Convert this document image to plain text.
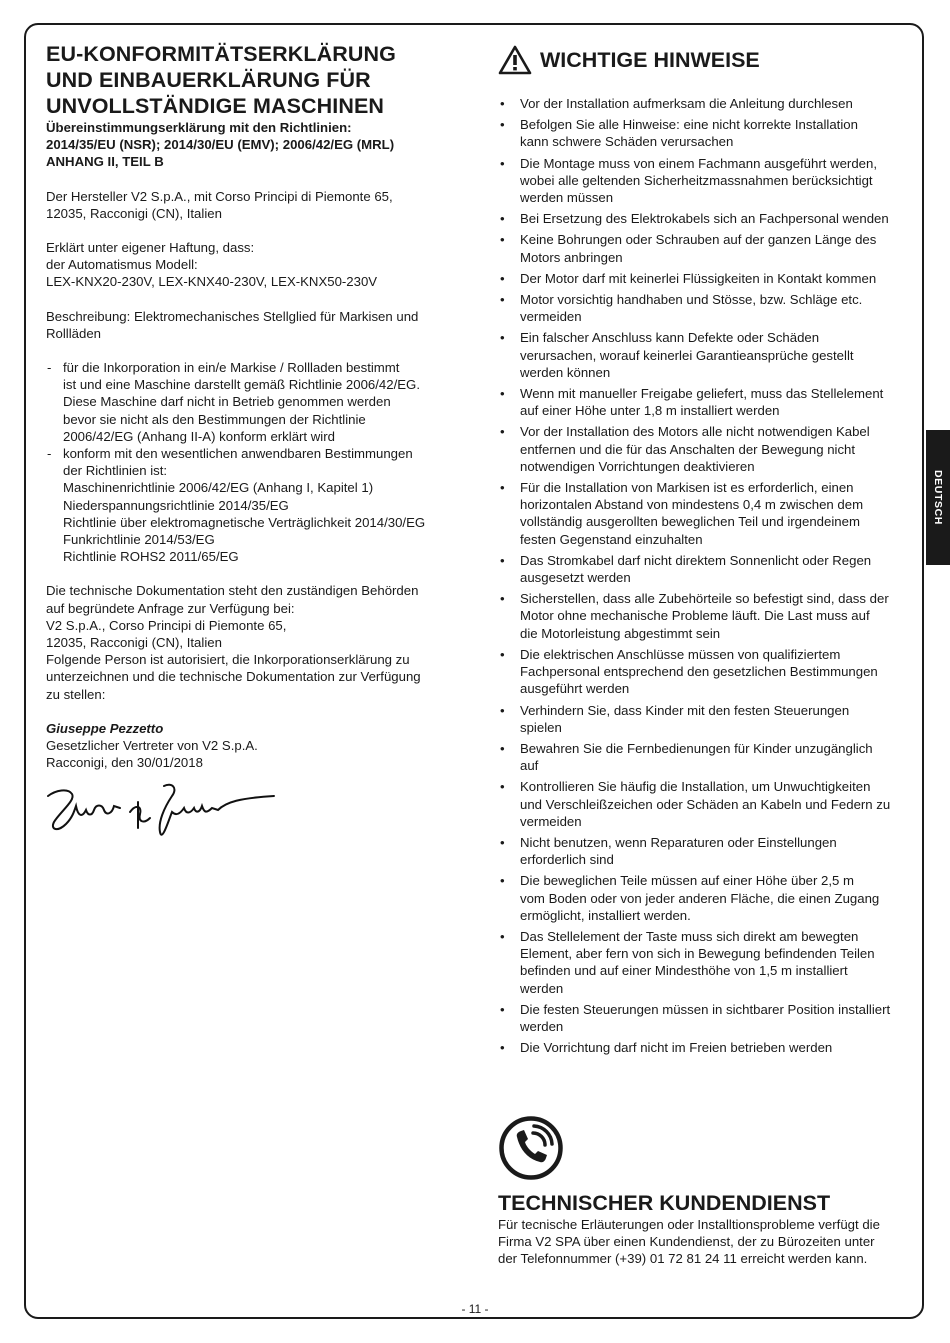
EU-KONFORMITÄTSERKLÄRUNG
UND EINBAUERKLÄRUNG FÜR
UNVOLLSTÄNDIGE MASCHINEN
Übereinstimmungserklärung mit den Richtlinien:
2014/35/EU (NSR); 2014/30/EU (EMV); 2006/42/EG (MRL)
ANHANG II, TEIL B
Der Hersteller V2 S.p.A., mit Corso Principi di Piemonte 65,
12035, Racconigi (CN), Italien
Erklärt unter eigener Haftung, dass:
der Automatismus Modell:
LEX-KNX20-230V, LEX-KNX40-230V, LEX-KNX50-230V
Beschreibung: Elektromechanisches Stellglied für Markisen und
Rollläden
- für die Inkorporation in ein/e Markise / Rollladen bestimmt
ist und eine Maschine darstellt gemäß Richtlinie 2006/42/EG.
Diese Maschine darf nicht in Betrieb genommen werden
bevor sie nicht als den Bestimmungen der Richtlinie
2006/42/EG (Anhang II-A) konform erklärt wird
- konform mit den wesentlichen anwendbaren Bestimmungen
der Richtlinien ist:
Maschinenrichtlinie 2006/42/EG (Anhang I, Kapitel 1)
Niederspannungsrichtlinie 2014/35/EG
Richtlinie über elektromagnetische Verträglichkeit 2014/30/EG
Funkrichtlinie 2014/53/EG
Richtlinie ROHS2 2011/65/EG
Die technische Dokumentation steht den zuständigen Behörden
auf begründete Anfrage zur Verfügung bei:
V2 S.p.A., Corso Principi di Piemonte 65,
12035, Racconigi (CN), Italien
Folgende Person ist autorisiert, die Inkorporationserklärung zu
unterzeichnen und die technische Dokumentation zur Verfügung
zu stellen:
Giuseppe Pezzetto
Gesetzlicher Vertreter von V2 S.p.A.
Racconigi, den 30/01/2018
WICHTIGE HINWEISE
• Vor der Installation aufmerksam die Anleitung durchlesen
• Befolgen Sie alle Hinweise: eine nicht korrekte Installation
kann schwere Schäden verursachen
• Die Montage muss von einem Fachmann ausgeführt werden,
wobei alle geltenden Sicherheitzmassnahmen berücksichtigt
werden müssen
• Bei Ersetzung des Elektrokabels sich an Fachpersonal wenden
• Keine Bohrungen oder Schrauben auf der ganzen Länge des
Motors anbringen
• Der Motor darf mit keinerlei Flüssigkeiten in Kontakt kommen
• Motor vorsichtig handhaben und Stösse, bzw. Schläge etc.
vermeiden
• Ein falscher Anschluss kann Defekte oder Schäden
verursachen, worauf keinerlei Garantieansprüche gestellt
werden können
• Wenn mit manueller Freigabe geliefert, muss das Stellelement
auf einer Höhe unter 1,8 m installiert werden
• Vor der Installation des Motors alle nicht notwendigen Kabel
entfernen und die für das Anschalten der Bewegung nicht
notwendigen Vorrichtungen deaktivieren
• Für die Installation von Markisen ist es erforderlich, einen
horizontalen Abstand von mindestens 0,4 m zwischen dem
vollständig ausgerollten beweglichen Teil und irgendeinem
festen Gegenstand einzuhalten
• Das Stromkabel darf nicht direktem Sonnenlicht oder Regen
ausgesetzt werden
• Sicherstellen, dass alle Zubehörteile so befestigt sind, dass der
Motor ohne mechanische Probleme läuft. Die Last muss auf
die Motorleistung abgestimmt sein
• Die elektrischen Anschlüsse müssen von qualifiziertem
Fachpersonal entsprechend den gesetzlichen Bestimmungen
ausgeführt werden
• Verhindern Sie, dass Kinder mit den festen Steuerungen
spielen
• Bewahren Sie die Fernbedienungen für Kinder unzugänglich
auf
• Kontrollieren Sie häufig die Installation, um Unwuchtigkeiten
und Verschleißzeichen oder Schäden an Kabeln und Federn zu
vermeiden
• Nicht benutzen, wenn Reparaturen oder Einstellungen
erforderlich sind
• Die beweglichen Teile müssen auf einer Höhe über 2,5 m
vom Boden oder von jeder anderen Fläche, die einen Zugang
ermöglicht, installiert werden.
• Das Stellelement der Taste muss sich direkt am bewegten
Element, aber fern von sich in Bewegung befindenden Teilen
befinden und auf einer Mindesthöhe von 1,5 m installiert
werden
• Die festen Steuerungen müssen in sichtbarer Position installiert
werden
• Die Vorrichtung darf nicht im Freien betrieben werden
TECHNISCHER KUNDENDIENST
Für tecnische Erläuterungen oder Installtionsprobleme verfügt die
Firma V2 SPA über einen Kundendienst, der zu Bürozeiten unter
der Telefonnummer (+39) 01 72 81 24 11 erreicht werden kann.
DEUTSCH
- 11 -
